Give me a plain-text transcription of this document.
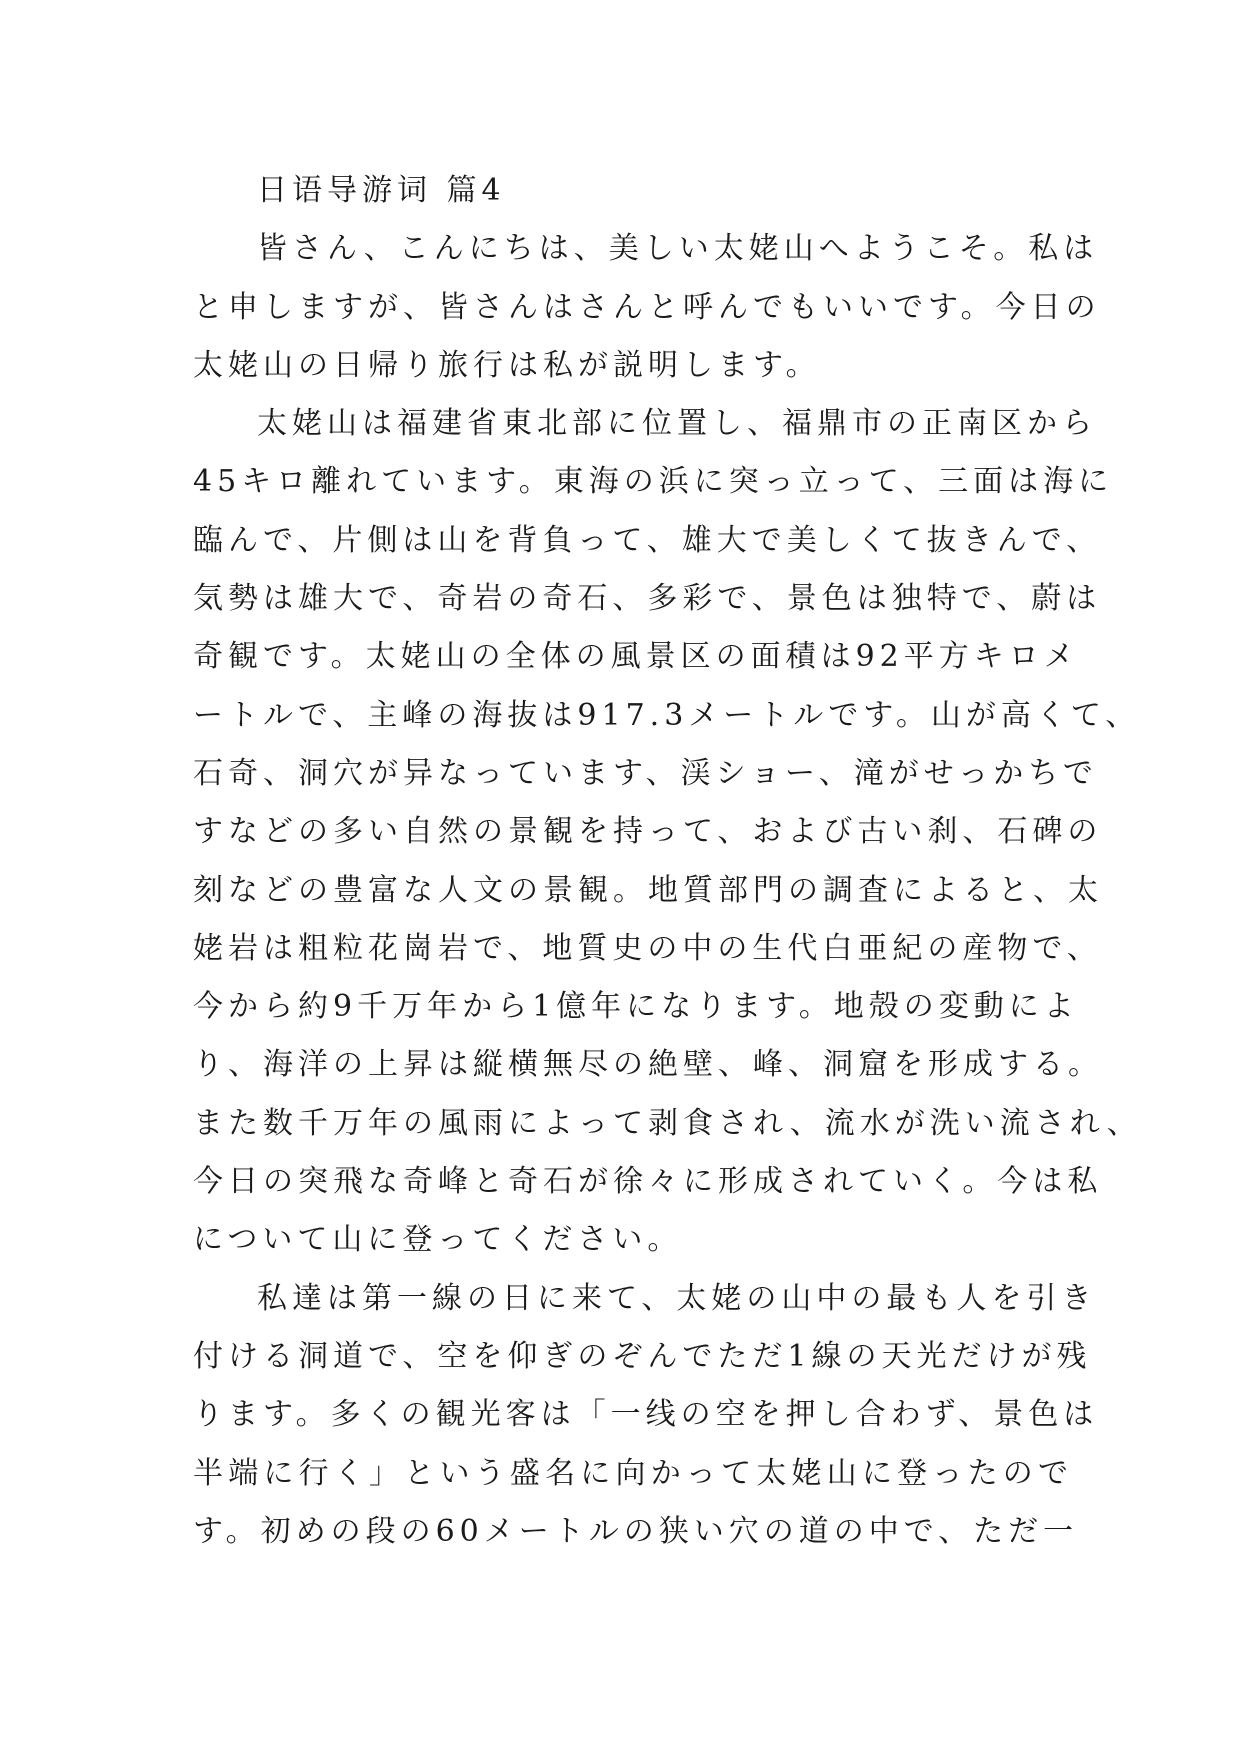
日语导游词 篇4
皆さん、こんにちは、美しい太姥山へようこそ。私は
と申しますが、皆さんはさんと呼んでもいいです。今日の
太姥山の日帰り旅行は私が説明します。
太姥山は福建省東北部に位置し、福鼎市の正南区から
45キロ離れています。東海の浜に突っ立って、三面は海に
臨んで、片側は山を背負って、雄大で美しくて抜きんで、
気勢は雄大で、奇岩の奇石、多彩で、景色は独特で、蔚は
奇観です。太姥山の全体の風景区の面積は92平方キロメ
ートルで、主峰の海抜は917.3メートルです。山が高くて、
石奇、洞穴が异なっています、渓ショー、滝がせっかちで
すなどの多い自然の景観を持って、および古い刹、石碑の
刻などの豊富な人文の景観。地質部門の調査によると、太
姥岩は粗粒花崗岩で、地質史の中の生代白亜紀の産物で、
今から約9千万年から1億年になります。地殻の変動によ
り、海洋の上昇は縦横無尽の絶壁、峰、洞窟を形成する。
また数千万年の風雨によって剥食され、流水が洗い流され、
今日の突飛な奇峰と奇石が徐々に形成されていく。今は私
について山に登ってください。
私達は第一線の日に来て、太姥の山中の最も人を引き
付ける洞道で、空を仰ぎのぞんでただ1線の天光だけが残
ります。多くの観光客は「一线の空を押し合わず、景色は
半端に行く」という盛名に向かって太姥山に登ったので
す。初めの段の60メートルの狭い穴の道の中で、ただ一
